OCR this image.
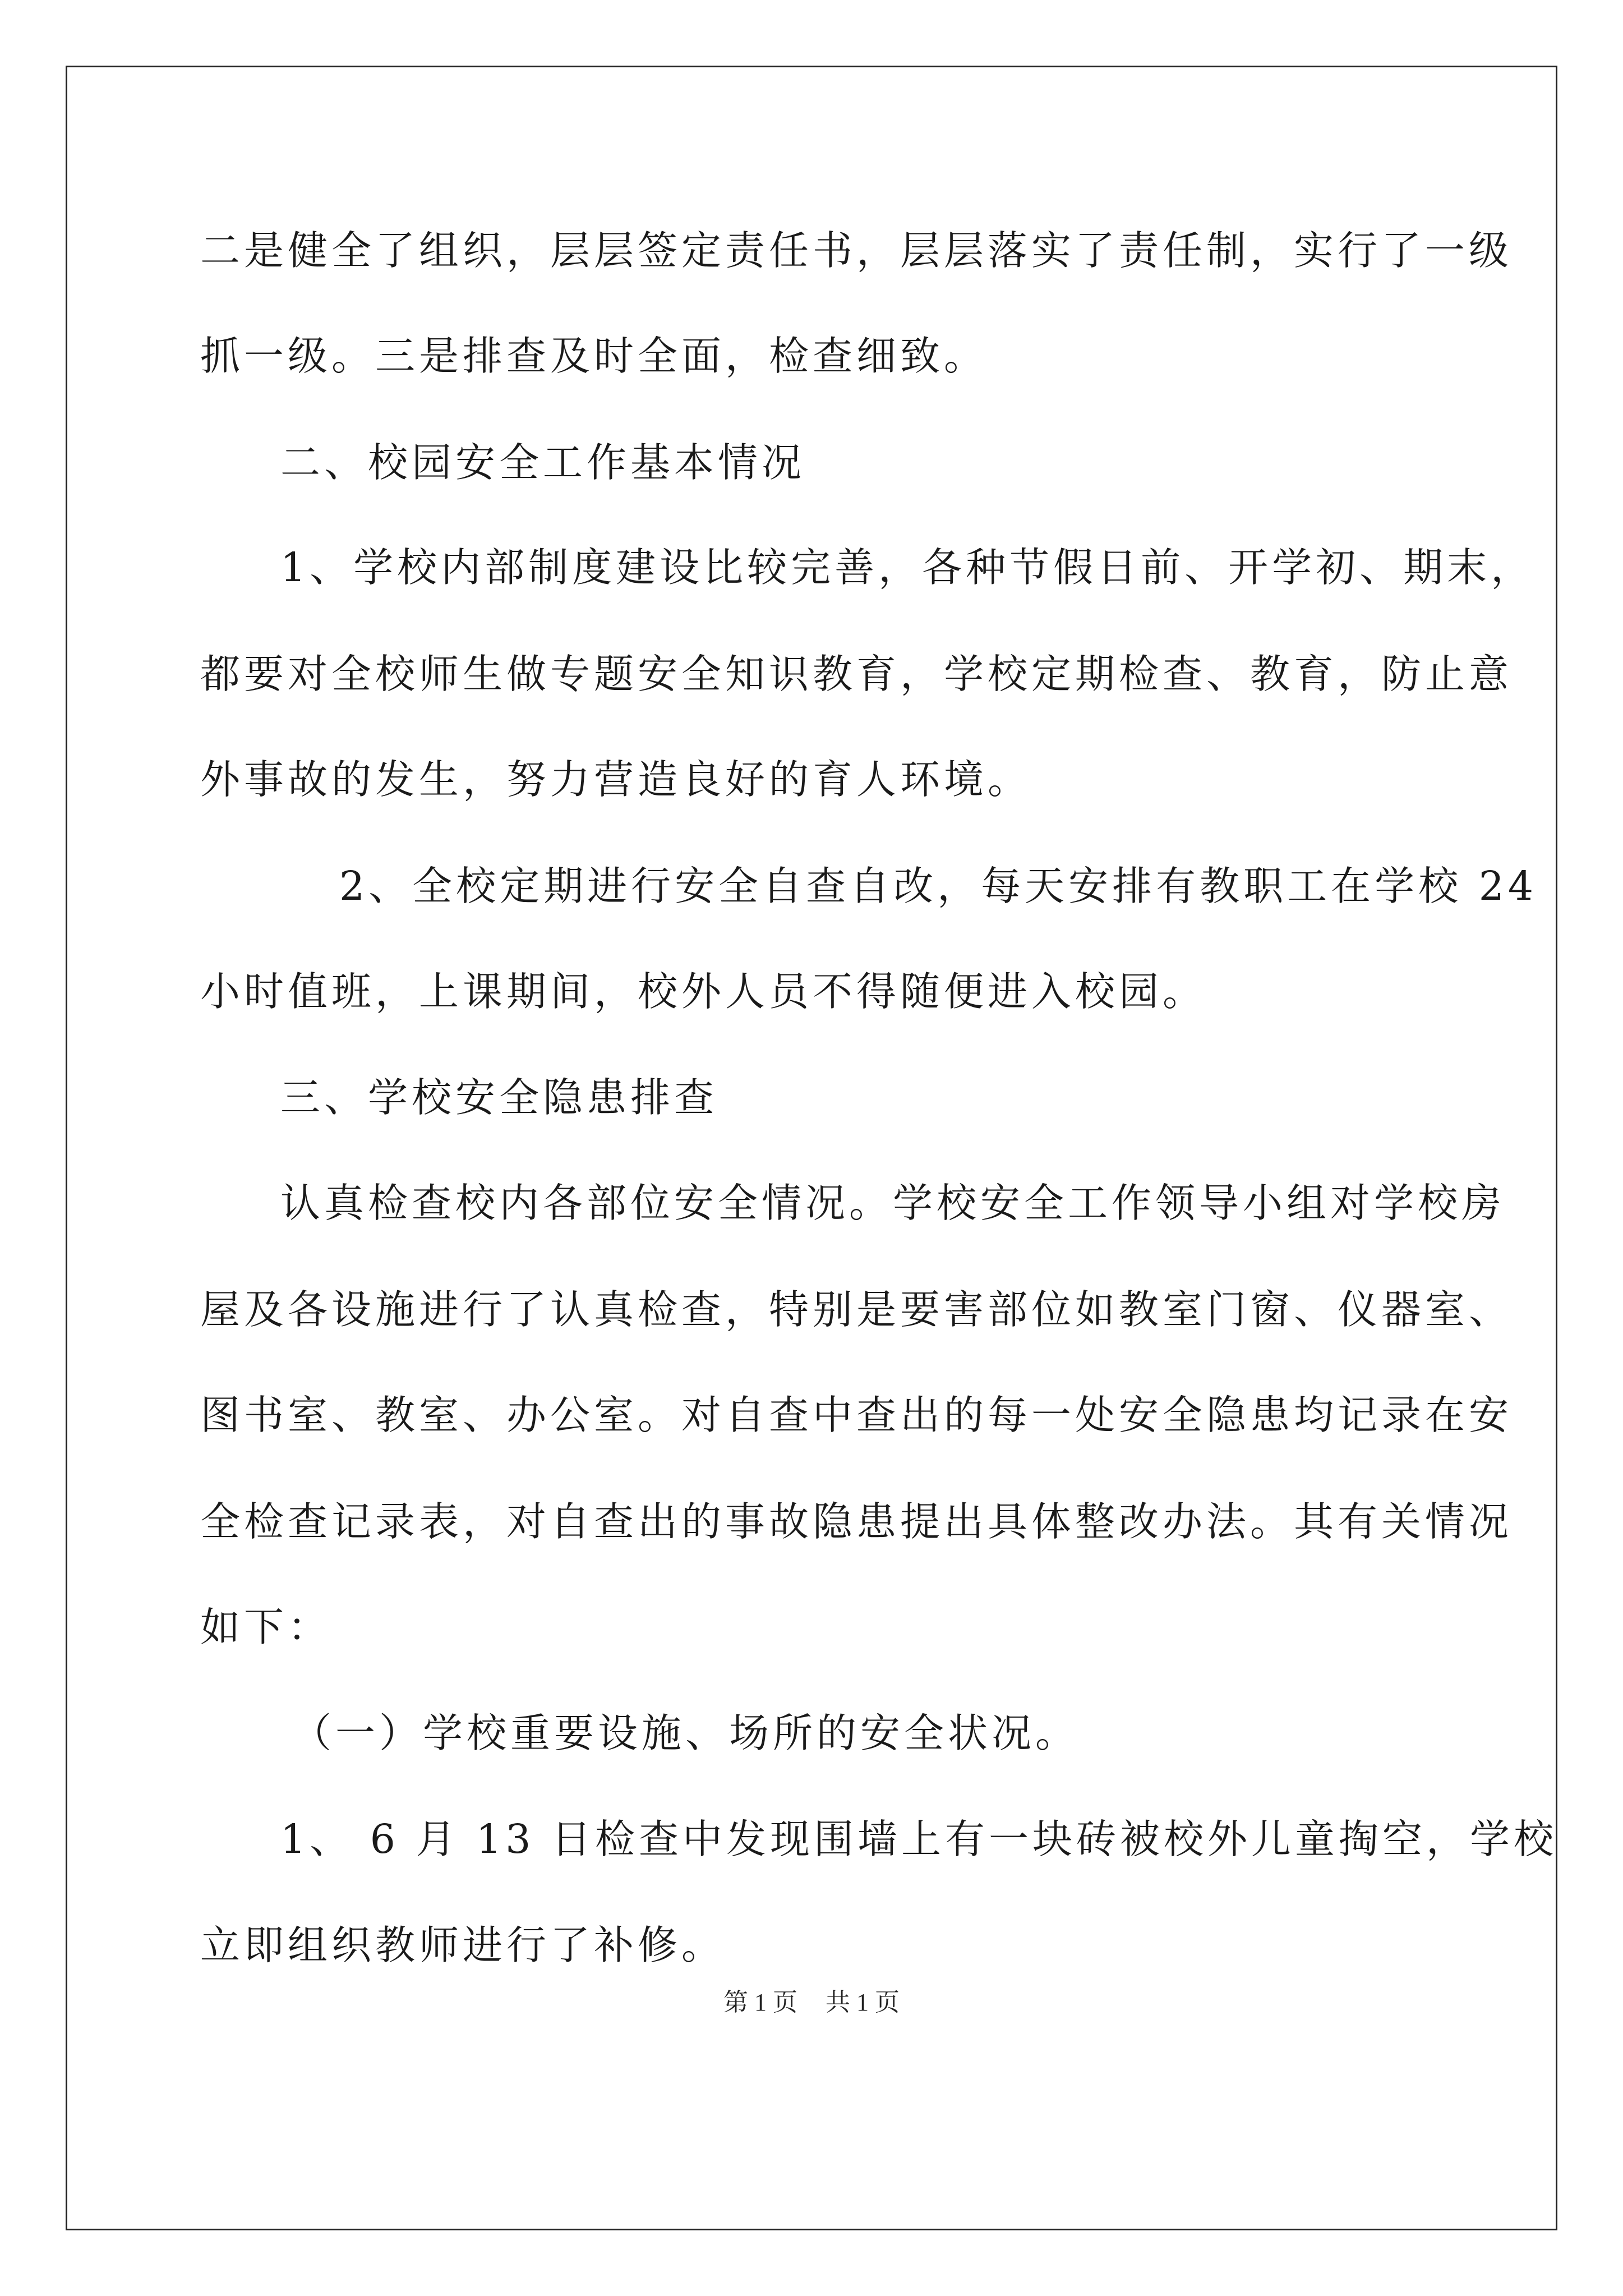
二是健全了组织，层层签定责任书，层层落实了责任制，实行了一级
抓一级。三是排查及时全面，检查细致。
二、校园安全工作基本情况
1、学校内部制度建设比较完善，各种节假日前、开学初、期末，
都要对全校师生做专题安全知识教育，学校定期检查、教育，防止意
外事故的发生，努力营造良好的育人环境。
2、全校定期进行安全自查自改，每天安排有教职工在学校 24
小时值班，上课期间，校外人员不得随便进入校园。
三、学校安全隐患排查
认真检查校内各部位安全情况。学校安全工作领导小组对学校房
屋及各设施进行了认真检查，特别是要害部位如教室门窗、仪器室、
图书室、教室、办公室。对自查中查出的每一处安全隐患均记录在安
全检查记录表，对自查出的事故隐患提出具体整改办法。其有关情况
如下：
（一）学校重要设施、场所的安全状况。
1、 6 月 13 日检查中发现围墙上有一块砖被校外儿童掏空，学校
立即组织教师进行了补修。
第 1 页 共 1 页
